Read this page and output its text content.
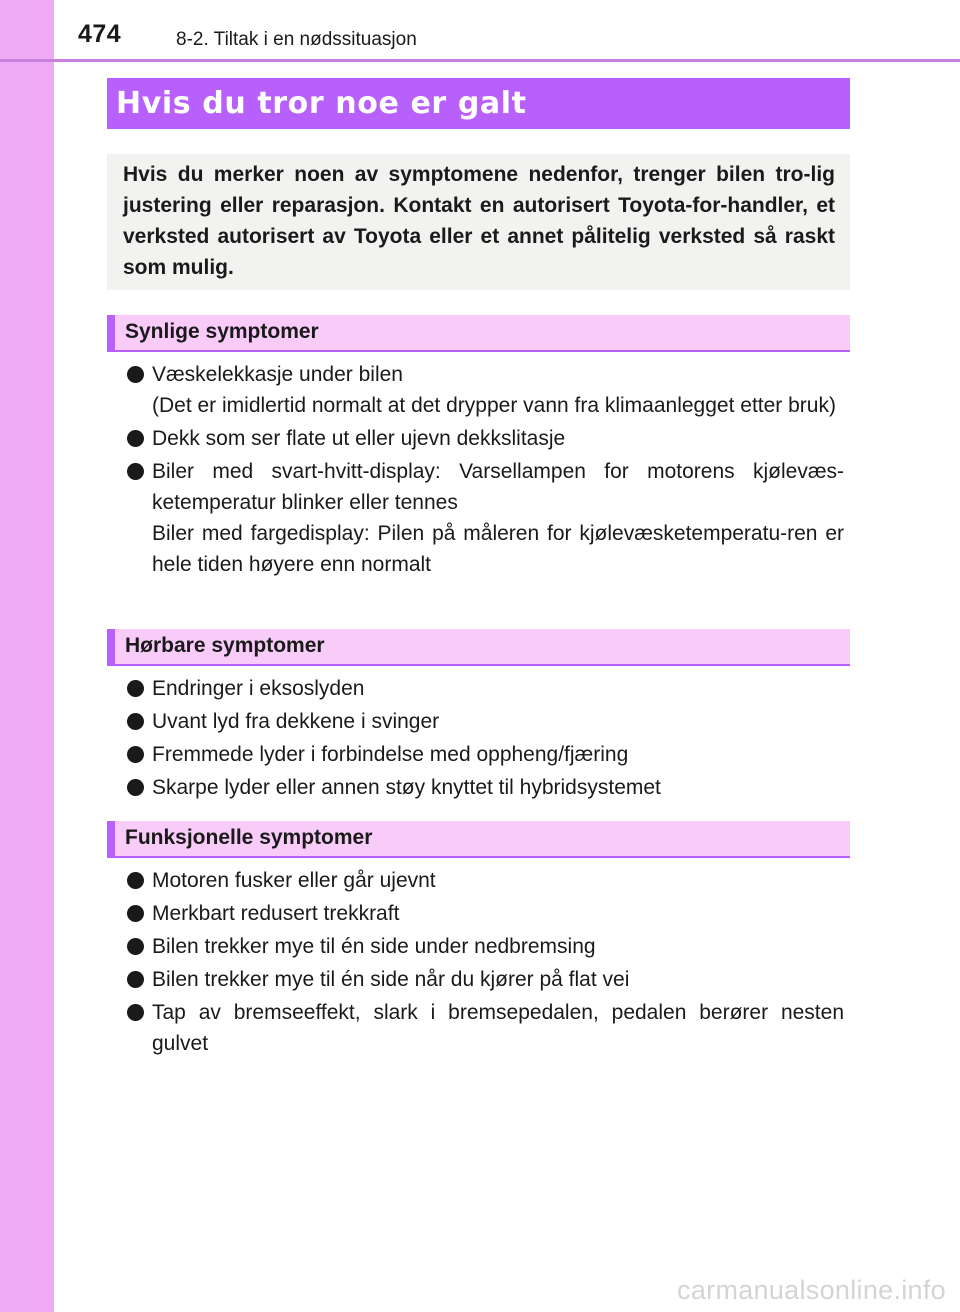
474	8-2. Tiltak i en nødssituasjon
Hvis du tror noe er galt

Hvis du merker noen av symptomene nedenfor, trenger bilen tro-lig justering eller reparasjon. Kontakt en autorisert Toyota-for-handler, et verksted autorisert av Toyota eller et annet pålitelig verksted så raskt som mulig.

Synlige symptomer
Væskelekkasje under bilen
(Det er imidlertid normalt at det drypper vann fra klimaanlegget etter bruk)
Dekk som ser flate ut eller ujevn dekkslitasje
Biler med svart-hvitt-display: Varsellampen for motorens kjølevæs-ketemperatur blinker eller tennes
Biler med fargedisplay: Pilen på måleren for kjølevæsketemperatu-ren er hele tiden høyere enn normalt
Hørbare symptomer
Endringer i eksoslyden
Uvant lyd fra dekkene i svinger
Fremmede lyder i forbindelse med oppheng/fjæring
Skarpe lyder eller annen støy knyttet til hybridsystemet
Funksjonelle symptomer
Motoren fusker eller går ujevnt
Merkbart redusert trekkraft
Bilen trekker mye til én side under nedbremsing
Bilen trekker mye til én side når du kjører på flat vei
Tap av bremseeffekt, slark i bremsepedalen, pedalen berører nesten gulvet
carmanualsonline.info
